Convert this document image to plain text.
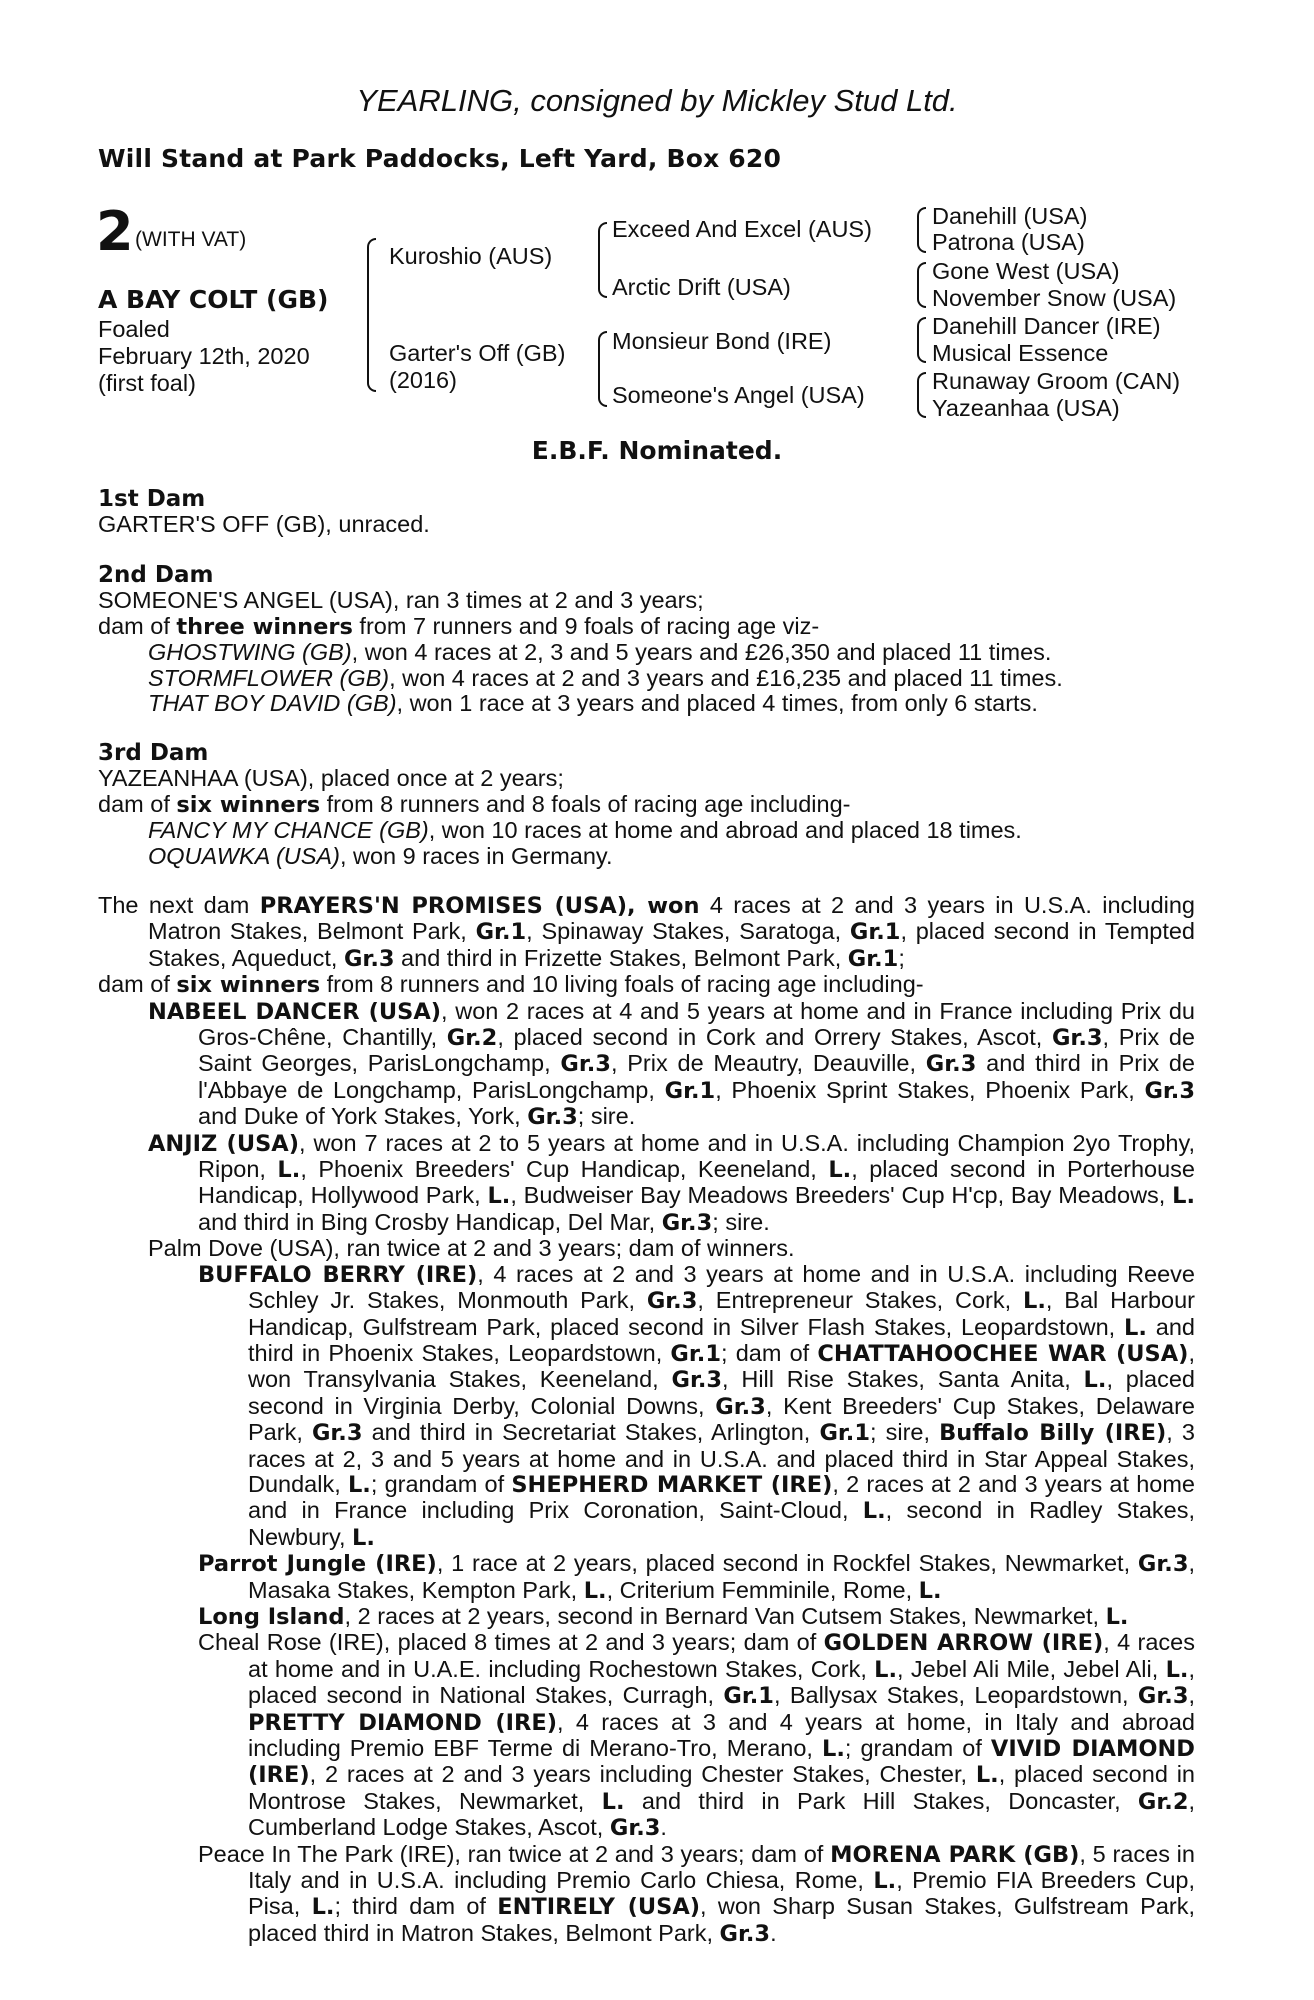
YEARLING, consigned by Mickley Stud Ltd.
Will Stand at Park Paddocks, Left Yard, Box 620
2 (WITH VAT)
A BAY COLT (GB)
Foaled
February 12th, 2020
(first foal)
Kuroshio (AUS)
Garter's Off (GB)
(2016)
Exceed And Excel (AUS)
Arctic Drift (USA)
Monsieur Bond (IRE)
Someone's Angel (USA)
Danehill (USA)
Patrona (USA)
Gone West (USA)
November Snow (USA)
Danehill Dancer (IRE)
Musical Essence
Runaway Groom (CAN)
Yazeanhaa (USA)
E.B.F. Nominated.

1st Dam

GARTER'S OFF (GB), unraced.

2nd Dam

SOMEONE'S ANGEL (USA), ran 3 times at 2 and 3 years;

dam of three winners from 7 runners and 9 foals of racing age viz-

GHOSTWING (GB), won 4 races at 2, 3 and 5 years and £26,350 and placed 11 times.

STORMFLOWER (GB), won 4 races at 2 and 3 years and £16,235 and placed 11 times.

THAT BOY DAVID (GB), won 1 race at 3 years and placed 4 times, from only 6 starts.

3rd Dam

YAZEANHAA (USA), placed once at 2 years;

dam of six winners from 8 runners and 8 foals of racing age including-

FANCY MY CHANCE (GB), won 10 races at home and abroad and placed 18 times.

OQUAWKA (USA), won 9 races in Germany.

The next dam PRAYERS'N PROMISES (USA), won 4 races at 2 and 3 years in U.S.A. including Matron Stakes, Belmont Park, Gr.1, Spinaway Stakes, Saratoga, Gr.1, placed second in Tempted Stakes, Aqueduct, Gr.3 and third in Frizette Stakes, Belmont Park, Gr.1;

dam of six winners from 8 runners and 10 living foals of racing age including-

NABEEL DANCER (USA), won 2 races at 4 and 5 years at home and in France including Prix du Gros-Chêne, Chantilly, Gr.2, placed second in Cork and Orrery Stakes, Ascot, Gr.3, Prix de Saint Georges, ParisLongchamp, Gr.3, Prix de Meautry, Deauville, Gr.3 and third in Prix de l'Abbaye de Longchamp, ParisLongchamp, Gr.1, Phoenix Sprint Stakes, Phoenix Park, Gr.3 and Duke of York Stakes, York, Gr.3; sire.

ANJIZ (USA), won 7 races at 2 to 5 years at home and in U.S.A. including Champion 2yo Trophy, Ripon, L., Phoenix Breeders' Cup Handicap, Keeneland, L., placed second in Porterhouse Handicap, Hollywood Park, L., Budweiser Bay Meadows Breeders' Cup H'cp, Bay Meadows, L. and third in Bing Crosby Handicap, Del Mar, Gr.3; sire.

Palm Dove (USA), ran twice at 2 and 3 years; dam of winners.

BUFFALO BERRY (IRE), 4 races at 2 and 3 years at home and in U.S.A. including Reeve Schley Jr. Stakes, Monmouth Park, Gr.3, Entrepreneur Stakes, Cork, L., Bal Harbour Handicap, Gulfstream Park, placed second in Silver Flash Stakes, Leopardstown, L. and third in Phoenix Stakes, Leopardstown, Gr.1; dam of CHATTAHOOCHEE WAR (USA), won Transylvania Stakes, Keeneland, Gr.3, Hill Rise Stakes, Santa Anita, L., placed second in Virginia Derby, Colonial Downs, Gr.3, Kent Breeders' Cup Stakes, Delaware Park, Gr.3 and third in Secretariat Stakes, Arlington, Gr.1; sire, Buffalo Billy (IRE), 3 races at 2, 3 and 5 years at home and in U.S.A. and placed third in Star Appeal Stakes, Dundalk, L.; grandam of SHEPHERD MARKET (IRE), 2 races at 2 and 3 years at home and in France including Prix Coronation, Saint-Cloud, L., second in Radley Stakes, Newbury, L.

Parrot Jungle (IRE), 1 race at 2 years, placed second in Rockfel Stakes, Newmarket, Gr.3, Masaka Stakes, Kempton Park, L., Criterium Femminile, Rome, L.

Long Island, 2 races at 2 years, second in Bernard Van Cutsem Stakes, Newmarket, L.

Cheal Rose (IRE), placed 8 times at 2 and 3 years; dam of GOLDEN ARROW (IRE), 4 races at home and in U.A.E. including Rochestown Stakes, Cork, L., Jebel Ali Mile, Jebel Ali, L., placed second in National Stakes, Curragh, Gr.1, Ballysax Stakes, Leopardstown, Gr.3, PRETTY DIAMOND (IRE), 4 races at 3 and 4 years at home, in Italy and abroad including Premio EBF Terme di Merano-Tro, Merano, L.; grandam of VIVID DIAMOND (IRE), 2 races at 2 and 3 years including Chester Stakes, Chester, L., placed second in Montrose Stakes, Newmarket, L. and third in Park Hill Stakes, Doncaster, Gr.2, Cumberland Lodge Stakes, Ascot, Gr.3.

Peace In The Park (IRE), ran twice at 2 and 3 years; dam of MORENA PARK (GB), 5 races in Italy and in U.S.A. including Premio Carlo Chiesa, Rome, L., Premio FIA Breeders Cup, Pisa, L.; third dam of ENTIRELY (USA), won Sharp Susan Stakes, Gulfstream Park, placed third in Matron Stakes, Belmont Park, Gr.3.
